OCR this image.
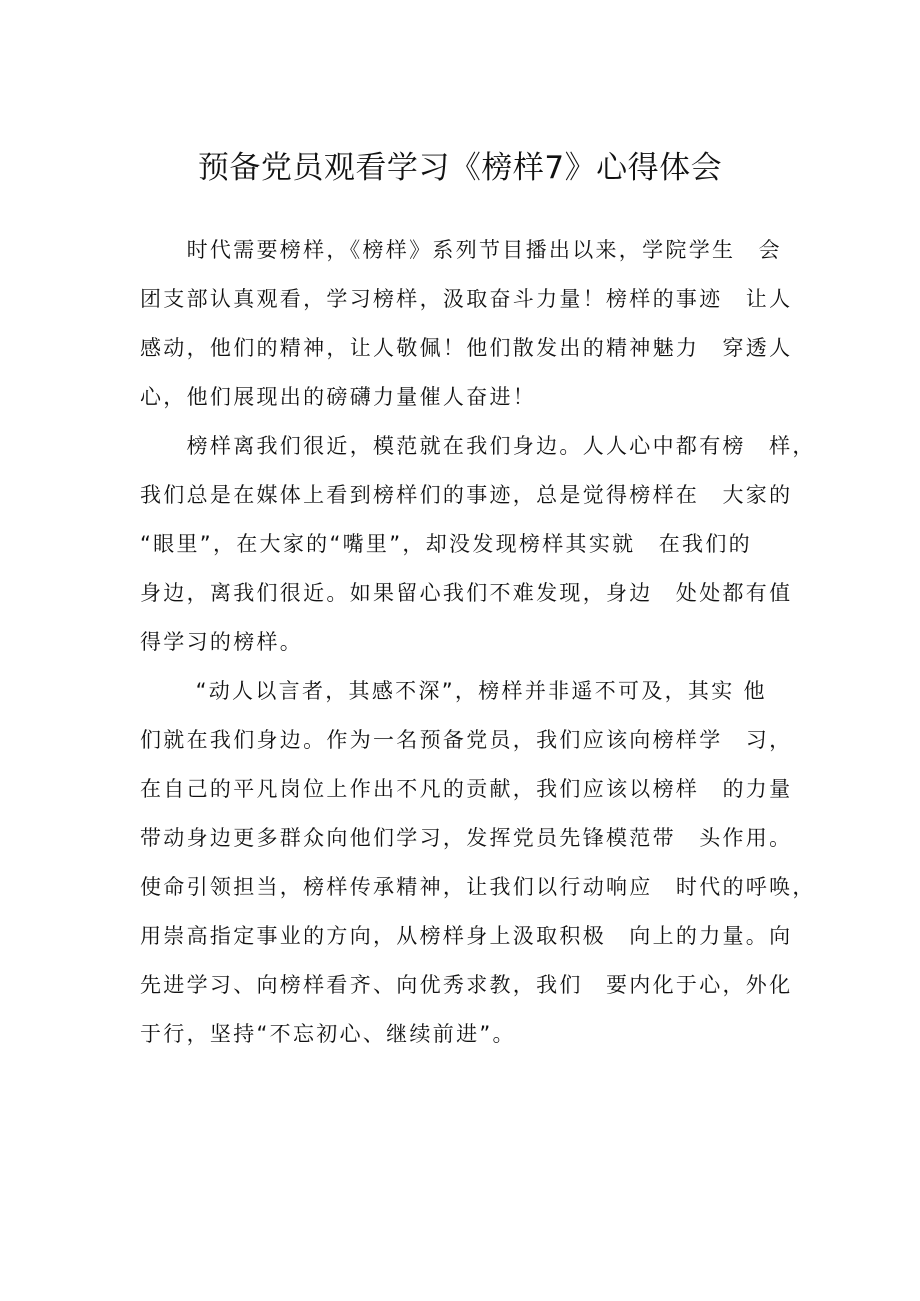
预备党员观看学习《榜样7》心得体会
　　时代需要榜样，《榜样》系列节目播出以来，学院学生　会
团支部认真观看，学习榜样，汲取奋斗力量！榜样的事迹　让人
感动，他们的精神，让人敬佩！他们散发出的精神魅力　穿透人
心，他们展现出的磅礴力量催人奋进！
　　榜样离我们很近，模范就在我们身边。人人心中都有榜　样，
我们总是在媒体上看到榜样们的事迹，总是觉得榜样在　大家的
“眼里”，在大家的“嘴里”，却没发现榜样其实就　在我们的
身边，离我们很近。如果留心我们不难发现，身边　处处都有值
得学习的榜样。
　　 “动人以言者，其感不深”，榜样并非遥不可及，其实 他
们就在我们身边。作为一名预备党员，我们应该向榜样学　习，
在自己的平凡岗位上作出不凡的贡献，我们应该以榜样　的力量
带动身边更多群众向他们学习，发挥党员先锋模范带　头作用。
使命引领担当，榜样传承精神，让我们以行动响应　时代的呼唤，
用崇高指定事业的方向，从榜样身上汲取积极　向上的力量。向
先进学习、向榜样看齐、向优秀求教，我们　要内化于心，外化
于行，坚持“不忘初心、继续前进”。
